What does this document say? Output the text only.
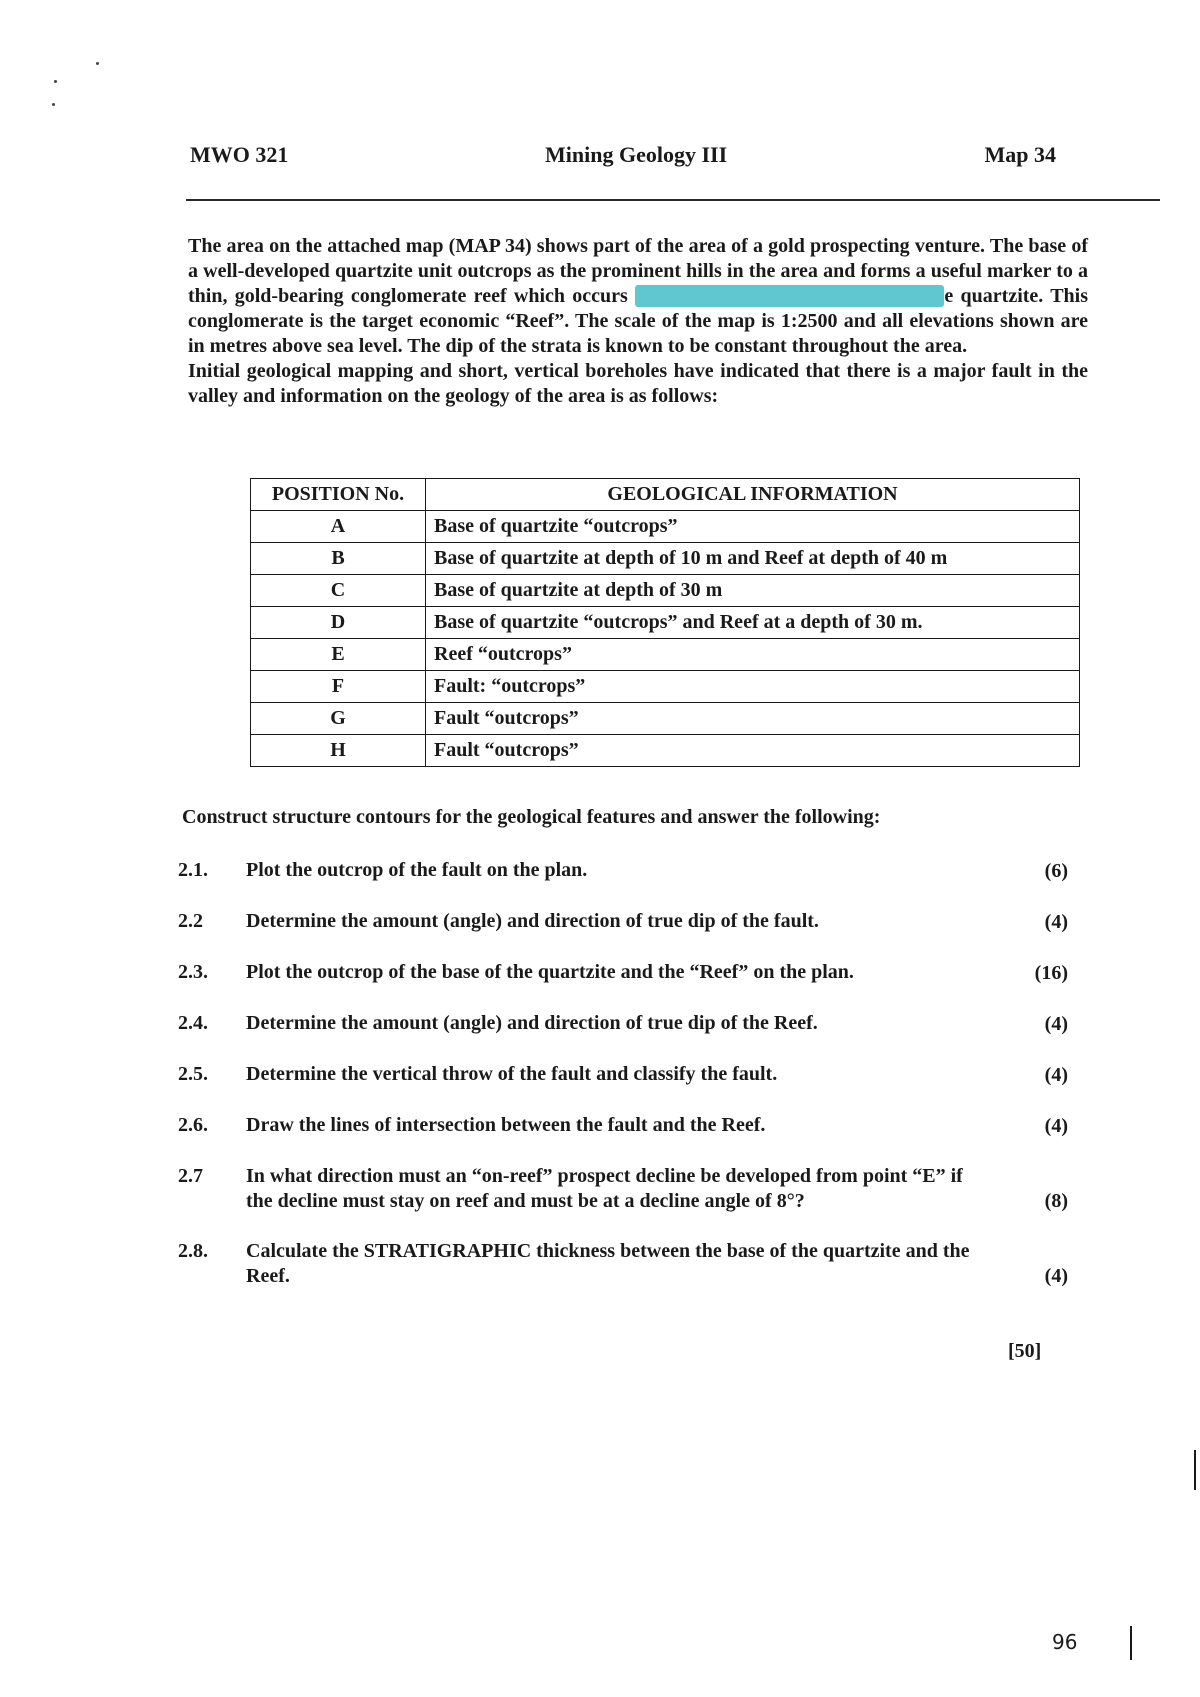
MWO 321	Mining Geology III	Map 34

The area on the attached map (MAP 34) shows part of the area of a gold prospecting venture. The base of a well-developed quartzite unit outcrops as the prominent hills in the area and forms a useful marker to a thin, gold-bearing conglomerate reef which occurs	e quartzite. This conglomerate is the target economic “Reef”. The scale of the map is 1:2500 and all elevations shown are in metres above sea level. The dip of the strata is known to be constant throughout the area.

Initial geological mapping and short, vertical boreholes have indicated that there is a major fault in the valley and information on the geology of the area is as follows:

POSITION No.	GEOLOGICAL INFORMATION
A	Base of quartzite “outcrops”
B	Base of quartzite at depth of 10 m and Reef at depth of 40 m
C	Base of quartzite at depth of 30 m
D	Base of quartzite “outcrops” and Reef at a depth of 30 m.
E	Reef “outcrops”
F	Fault: “outcrops”
G	Fault “outcrops”
H	Fault “outcrops”
Construct structure contours for the geological features and answer the following:
2.1.	Plot the outcrop of the fault on the plan.	(6)
2.2	Determine the amount (angle) and direction of true dip of the fault.	(4)
2.3.	Plot the outcrop of the base of the quartzite and the “Reef” on the plan.	(16)
2.4.	Determine the amount (angle) and direction of true dip of the Reef.	(4)
2.5.	Determine the vertical throw of the fault and classify the fault.	(4)
2.6.	Draw the lines of intersection between the fault and the Reef.	(4)
2.7	In what direction must an “on-reef” prospect decline be developed from point “E” if the decline must stay on reef and must be at a decline angle of 8°?	(8)
2.8.	Calculate the STRATIGRAPHIC thickness between the base of the quartzite and the Reef.	(4)
[50]
96
